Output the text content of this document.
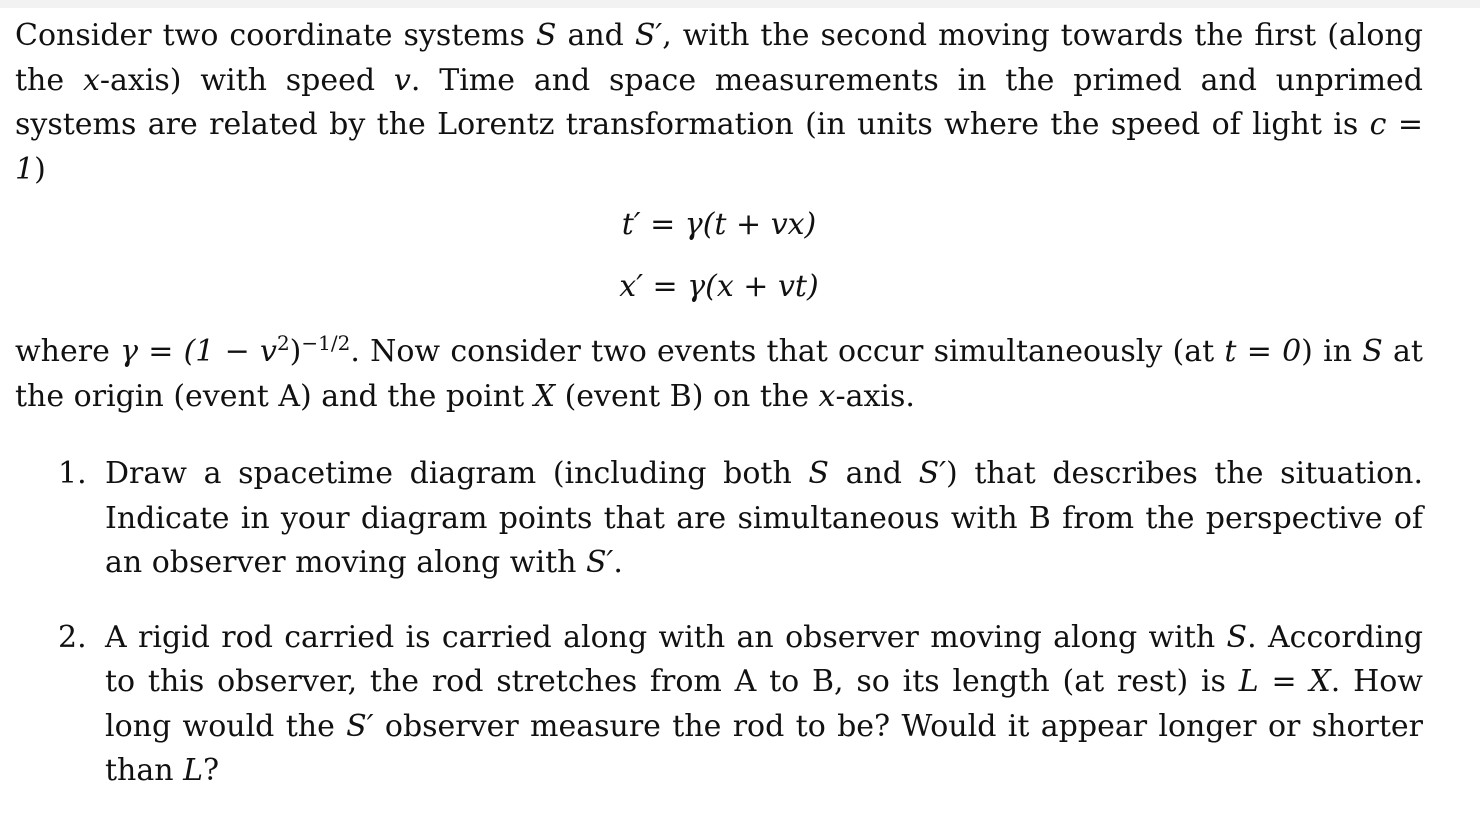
Consider two coordinate systems S and S′, with the second moving towards the first (along the x-axis) with speed v. Time and space measurements in the primed and unprimed systems are related by the Lorentz transformation (in units where the speed of light is c = 1)

t′ = γ(t + vx)

x′ = γ(x + vt)

where $\gamma = (1 - v^2)^{-1/2}$. Now consider two events that occur simultaneously (at t = 0) in S at the origin (event A) and the point X (event B) on the x-axis.

1. Draw a spacetime diagram (including both S and S′) that describes the situation. Indicate in your diagram points that are simultaneous with B from the perspective of an observer moving along with S′.
2. A rigid rod carried is carried along with an observer moving along with S. According to this observer, the rod stretches from A to B, so its length (at rest) is L = X. How long would the S′ observer measure the rod to be? Would it appear longer or shorter than L?
